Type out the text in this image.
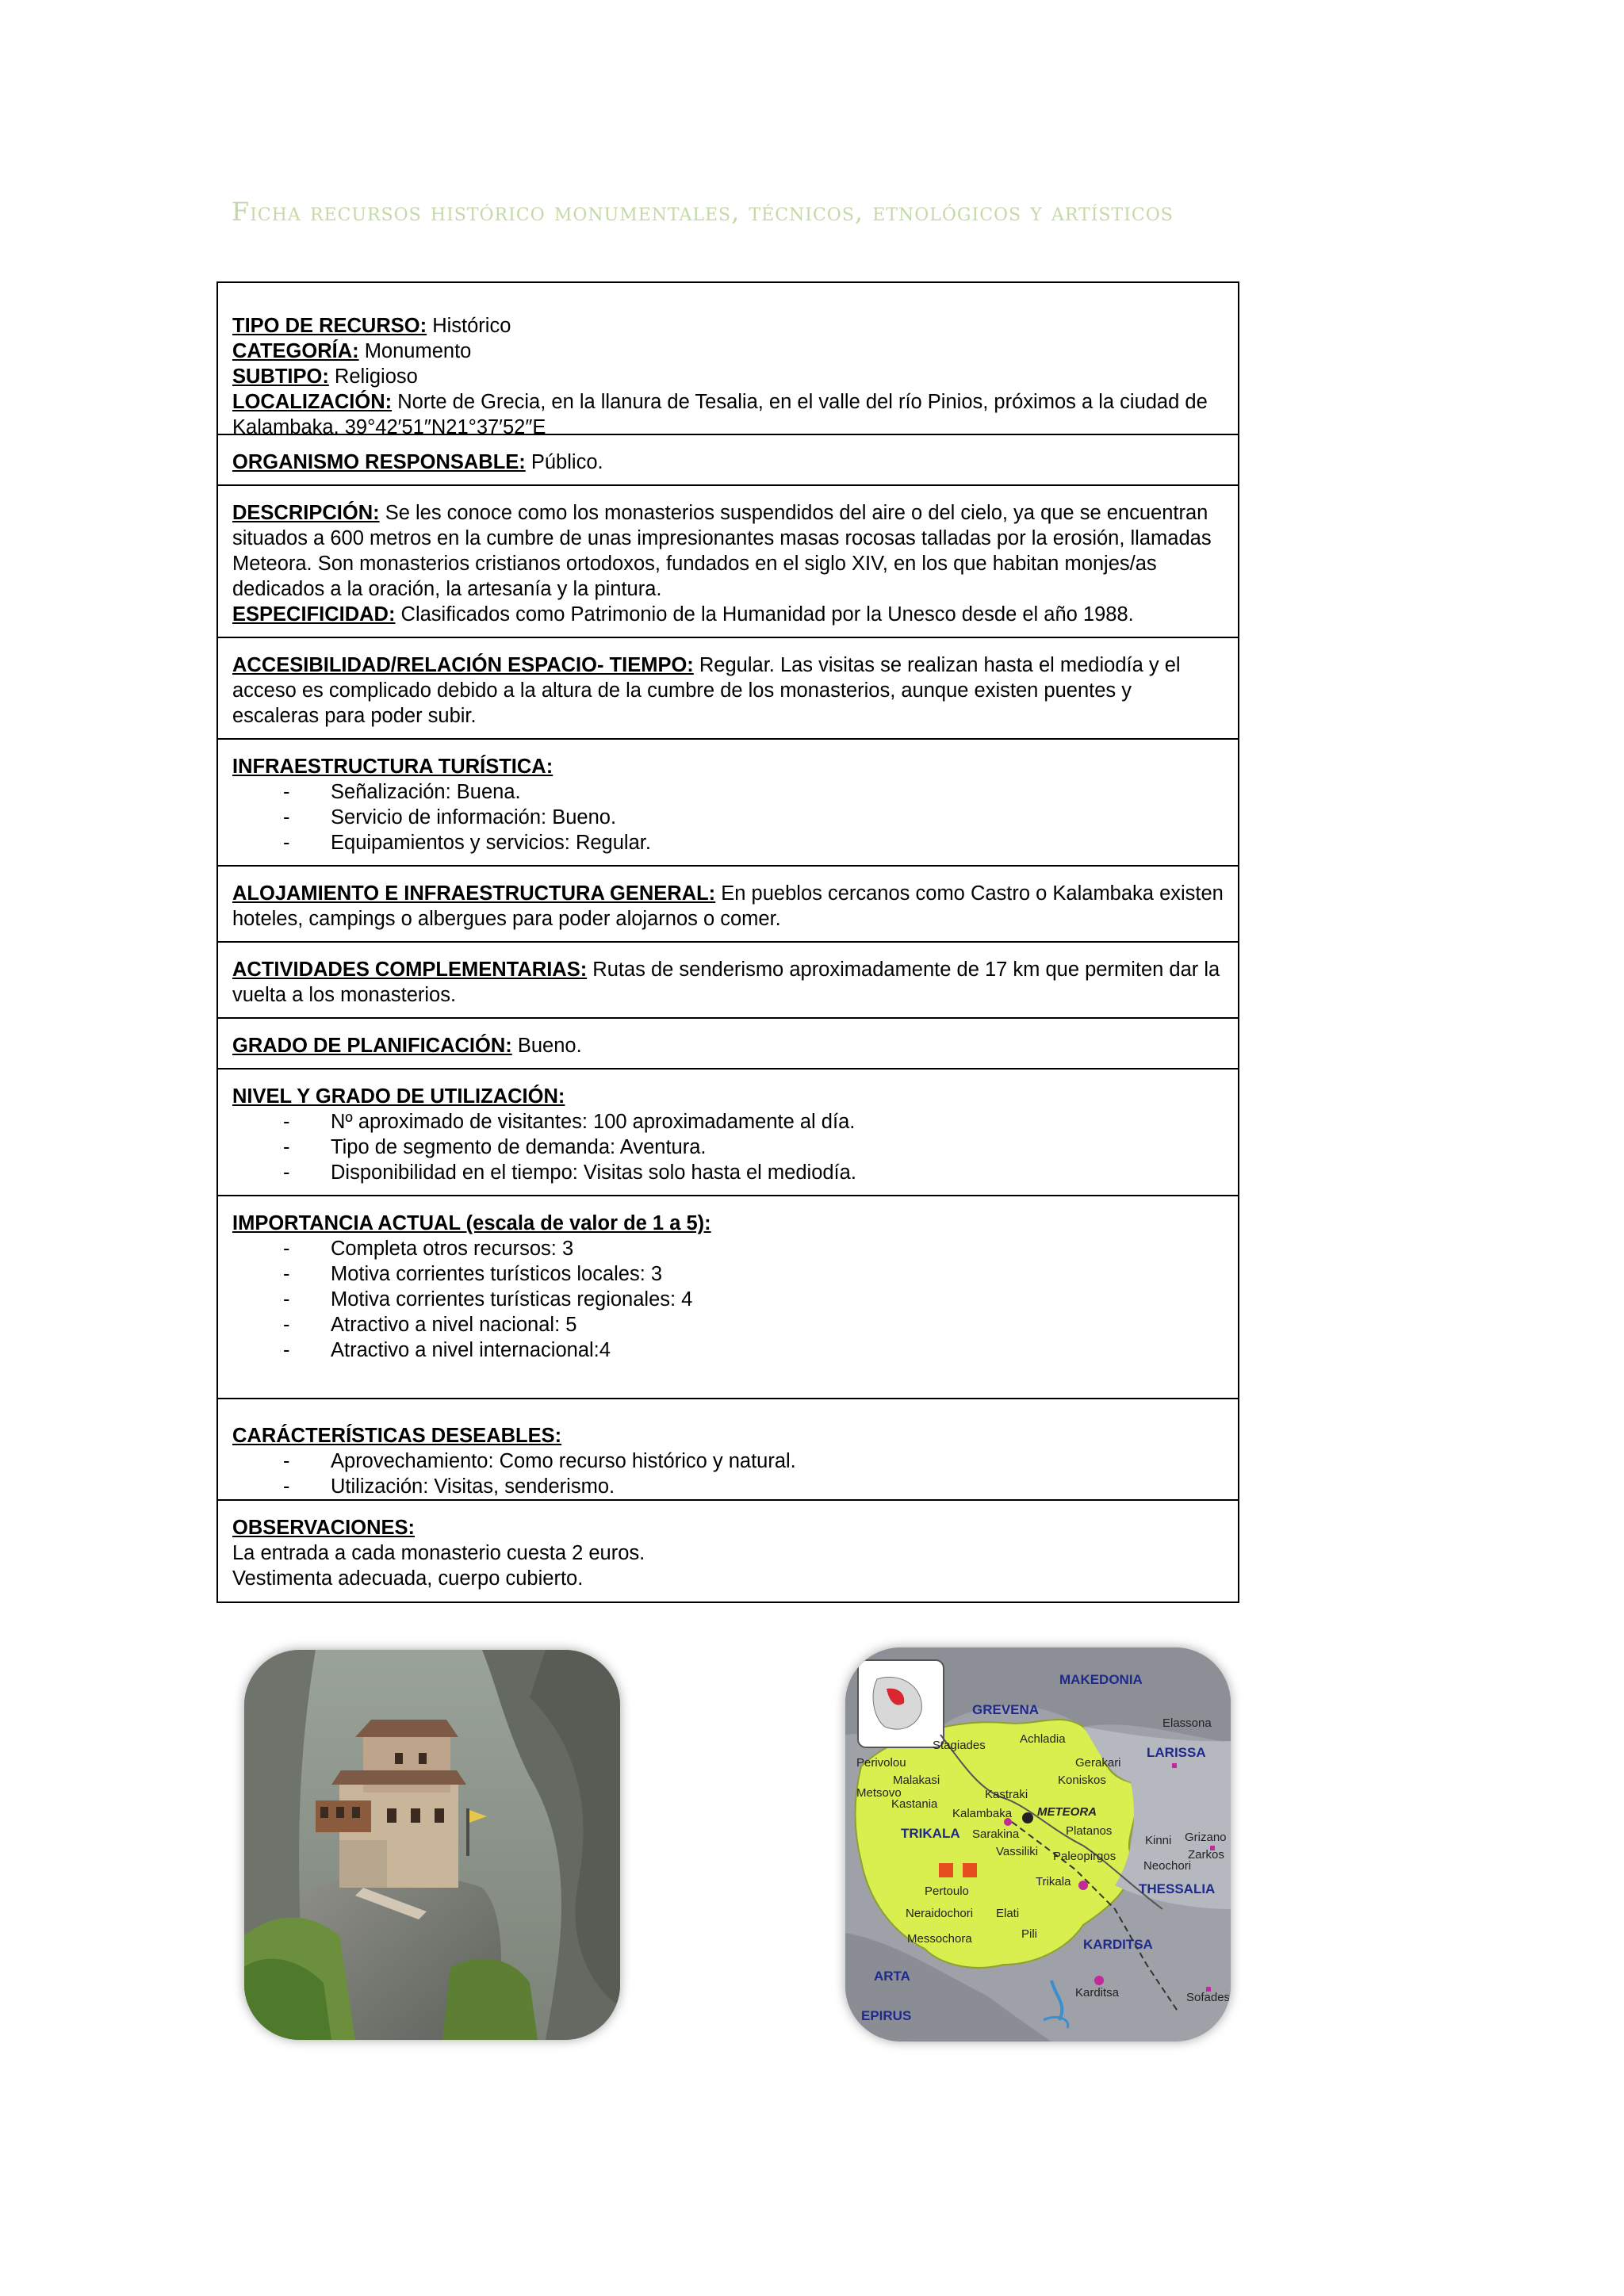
Ficha recursos histórico monumentales, técnicos, etnológicos y artísticos
TIPO DE RECURSO: Histórico
CATEGORÍA: Monumento
SUBTIPO: Religioso
LOCALIZACIÓN: Norte de Grecia, en la llanura de Tesalia, en el valle del río Pinios, próximos a la ciudad de Kalambaka. 39°42′51″N21°37′52″E
ORGANISMO RESPONSABLE: Público.
DESCRIPCIÓN: Se les conoce como los monasterios suspendidos del aire o del cielo, ya que se encuentran situados a 600 metros en la cumbre de unas impresionantes masas rocosas talladas por la erosión, llamadas Meteora. Son monasterios cristianos ortodoxos, fundados en el siglo XIV, en los que habitan monjes/as dedicados a la oración, la artesanía y la pintura.
ESPECIFICIDAD: Clasificados como Patrimonio de la Humanidad por la Unesco desde el año 1988.
ACCESIBILIDAD/RELACIÓN ESPACIO- TIEMPO: Regular. Las visitas se realizan hasta el mediodía y el acceso es complicado debido a la altura de la cumbre de los monasterios, aunque existen puentes y escaleras para poder subir.
INFRAESTRUCTURA TURÍSTICA:
- Señalización: Buena.
- Servicio de información: Bueno.
- Equipamientos y servicios: Regular.
ALOJAMIENTO E INFRAESTRUCTURA GENERAL: En pueblos cercanos como Castro o Kalambaka existen hoteles, campings o albergues para poder alojarnos o comer.
ACTIVIDADES COMPLEMENTARIAS: Rutas de senderismo aproximadamente de 17 km que permiten dar la vuelta a los monasterios.
GRADO DE PLANIFICACIÓN: Bueno.
NIVEL Y GRADO DE UTILIZACIÓN:
- Nº aproximado de visitantes: 100 aproximadamente al día.
- Tipo de segmento de demanda: Aventura.
- Disponibilidad en el tiempo: Visitas solo hasta el mediodía.
IMPORTANCIA ACTUAL (escala de valor de 1 a 5):
- Completa otros recursos: 3
- Motiva corrientes turísticos locales: 3
- Motiva corrientes turísticas regionales: 4
- Atractivo a nivel nacional: 5
- Atractivo a nivel internacional:4
CARÁCTERÍSTICAS DESEABLES:
- Aprovechamiento: Como recurso histórico y natural.
- Utilización: Visitas, senderismo.
OBSERVACIONES:
La entrada a cada monasterio cuesta 2 euros.
Vestimenta adecuada, cuerpo cubierto.
MAKEDONIA
GREVENA
LARISSA
TRIKALA
THESSALIA
KARDITSA
ARTA
EPIRUS
Elassona
Stagiades	Achladia
Gerakari
Koniskos
Malakasi
Kastraki
Kastania
Kalambaka METEORA
Platanos
Sarakina
Vassiliki Paleopirgos
Kinni Grizano
Zarkos
Neochori
Trikala
Pertoulo
Neraidochori Elati
Pili
Messochora
Karditsa	Sofades
Metsovo
Perivolou
